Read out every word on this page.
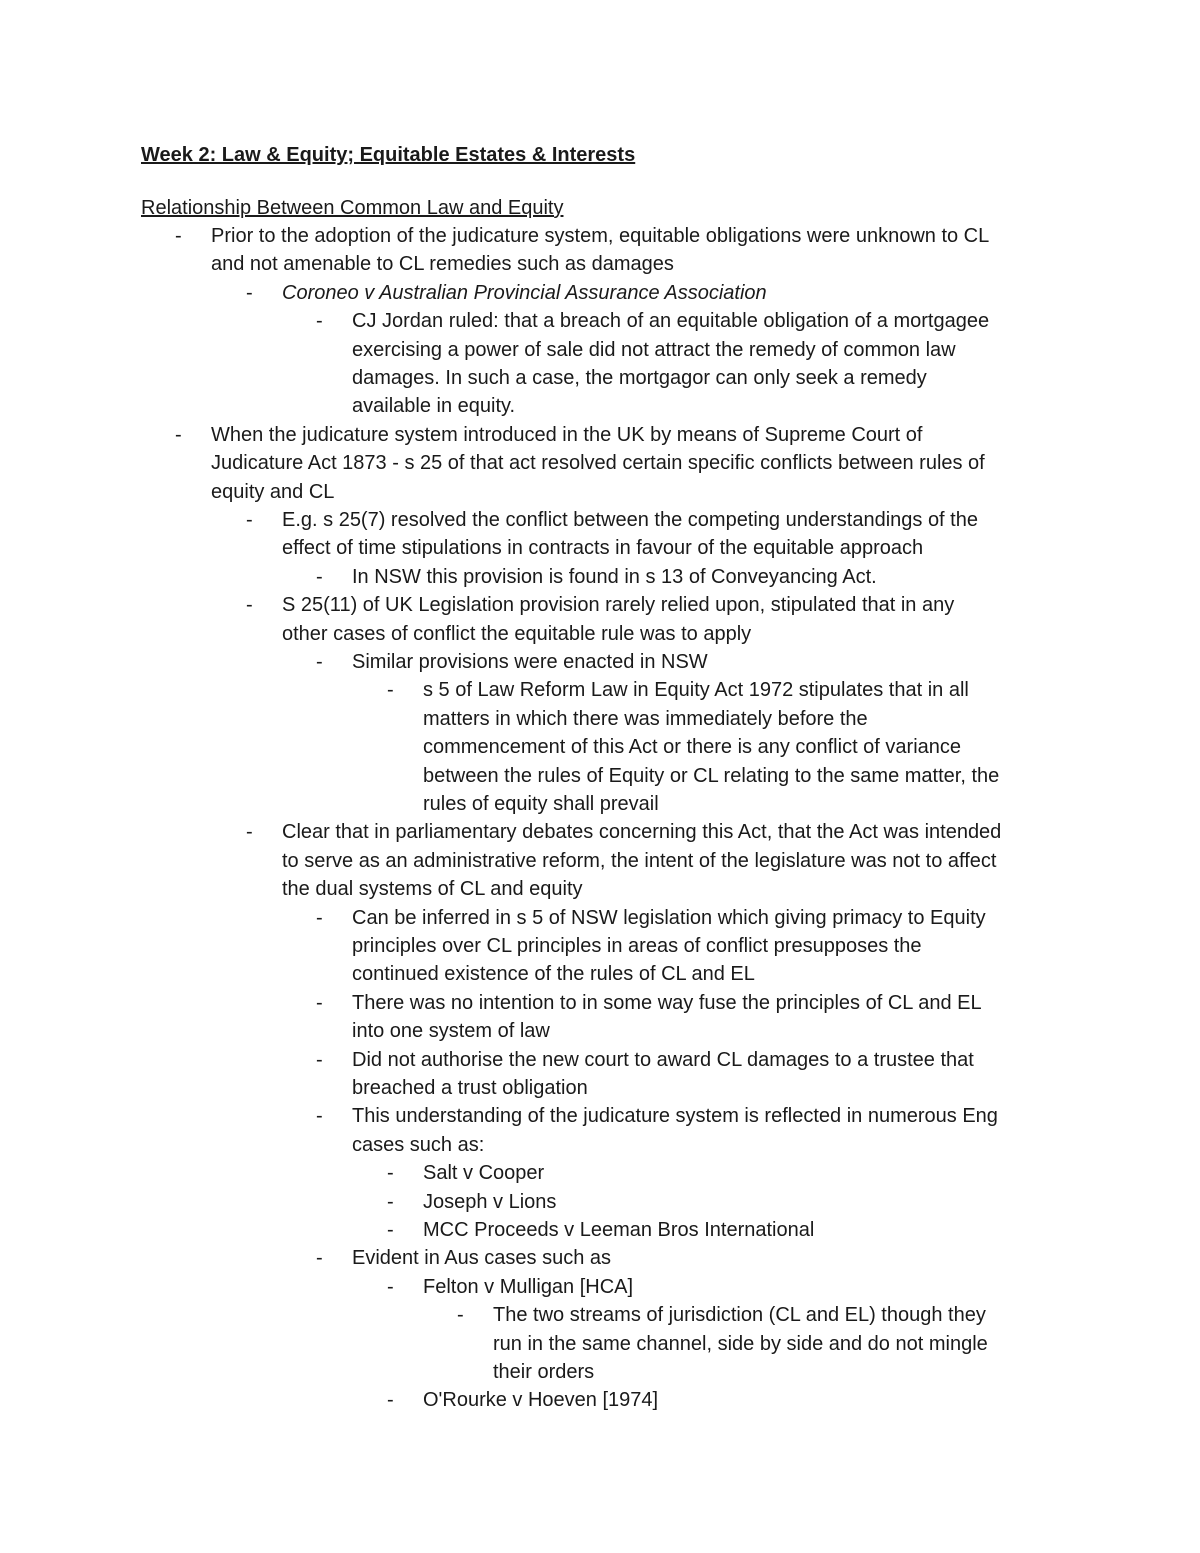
Week 2: Law & Equity; Equitable Estates & Interests
Relationship Between Common Law and Equity
- Prior to the adoption of the judicature system, equitable obligations were unknown to CL
and not amenable to CL remedies such as damages
- Coroneo v Australian Provincial Assurance Association
- CJ Jordan ruled: that a breach of an equitable obligation of a mortgagee
exercising a power of sale did not attract the remedy of common law
damages. In such a case, the mortgagor can only seek a remedy
available in equity.
- When the judicature system introduced in the UK by means of Supreme Court of
Judicature Act 1873 - s 25 of that act resolved certain specific conflicts between rules of
equity and CL
- E.g. s 25(7) resolved the conflict between the competing understandings of the
effect of time stipulations in contracts in favour of the equitable approach
- In NSW this provision is found in s 13 of Conveyancing Act.
- S 25(11) of UK Legislation provision rarely relied upon, stipulated that in any
other cases of conflict the equitable rule was to apply
- Similar provisions were enacted in NSW
- s 5 of Law Reform Law in Equity Act 1972 stipulates that in all
matters in which there was immediately before the
commencement of this Act or there is any conflict of variance
between the rules of Equity or CL relating to the same matter, the
rules of equity shall prevail
- Clear that in parliamentary debates concerning this Act, that the Act was intended
to serve as an administrative reform, the intent of the legislature was not to affect
the dual systems of CL and equity
- Can be inferred in s 5 of NSW legislation which giving primacy to Equity
principles over CL principles in areas of conflict presupposes the
continued existence of the rules of CL and EL
- There was no intention to in some way fuse the principles of CL and EL
into one system of law
- Did not authorise the new court to award CL damages to a trustee that
breached a trust obligation
- This understanding of the judicature system is reflected in numerous Eng
cases such as:
- Salt v Cooper
- Joseph v Lions
- MCC Proceeds v Leeman Bros International
- Evident in Aus cases such as
- Felton v Mulligan [HCA]
- The two streams of jurisdiction (CL and EL) though they
run in the same channel, side by side and do not mingle
their orders
- O'Rourke v Hoeven [1974]
